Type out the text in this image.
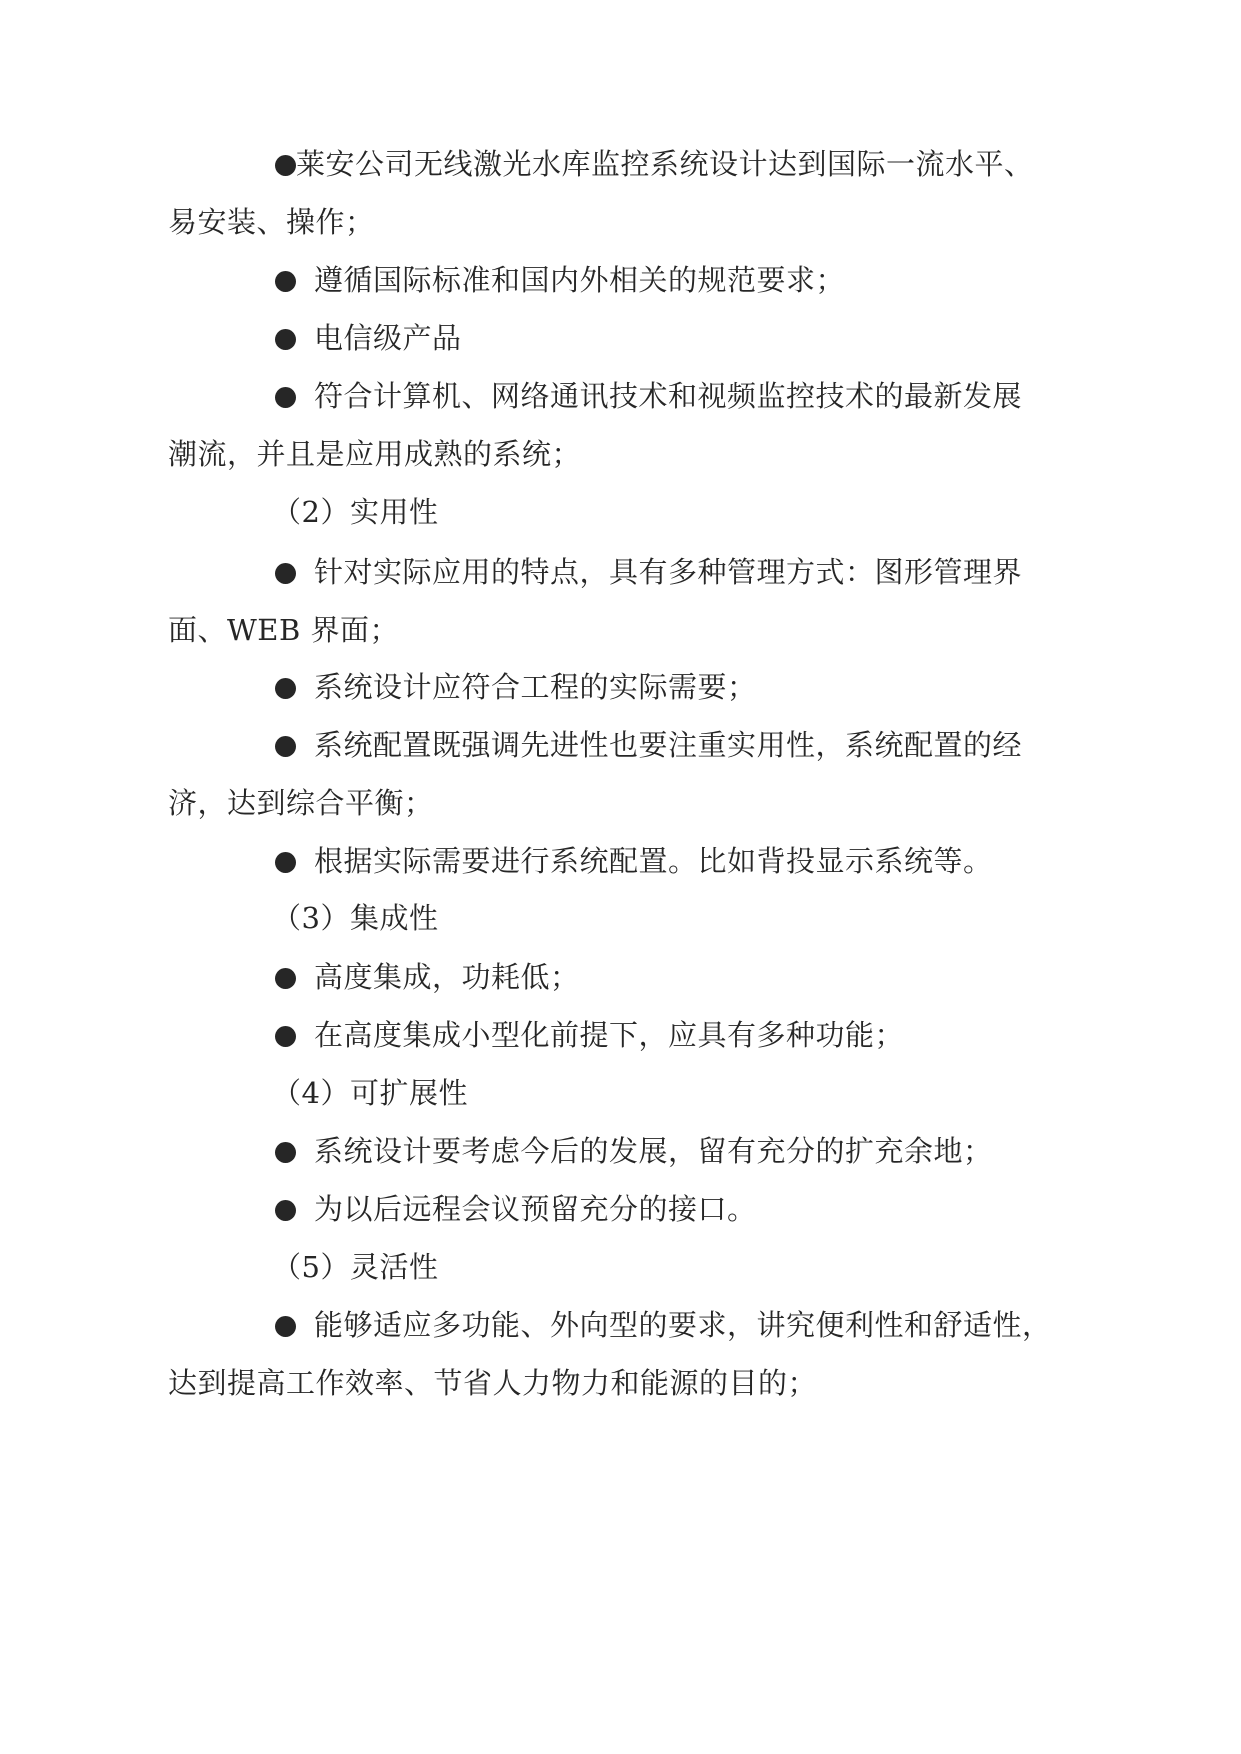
莱安公司无线激光水库监控系统设计达到国际一流水平、
易安装、操作；
遵循国际标准和国内外相关的规范要求；
电信级产品
符合计算机、网络通讯技术和视频监控技术的最新发展
潮流，并且是应用成熟的系统；
（2）实用性
针对实际应用的特点，具有多种管理方式：图形管理界
面、WEB 界面；
系统设计应符合工程的实际需要；
系统配置既强调先进性也要注重实用性，系统配置的经
济，达到综合平衡；
根据实际需要进行系统配置。比如背投显示系统等。
（3）集成性
高度集成，功耗低；
在高度集成小型化前提下，应具有多种功能；
（4）可扩展性
系统设计要考虑今后的发展，留有充分的扩充余地；
为以后远程会议预留充分的接口。
（5）灵活性
能够适应多功能、外向型的要求，讲究便利性和舒适性，
达到提高工作效率、节省人力物力和能源的目的；
